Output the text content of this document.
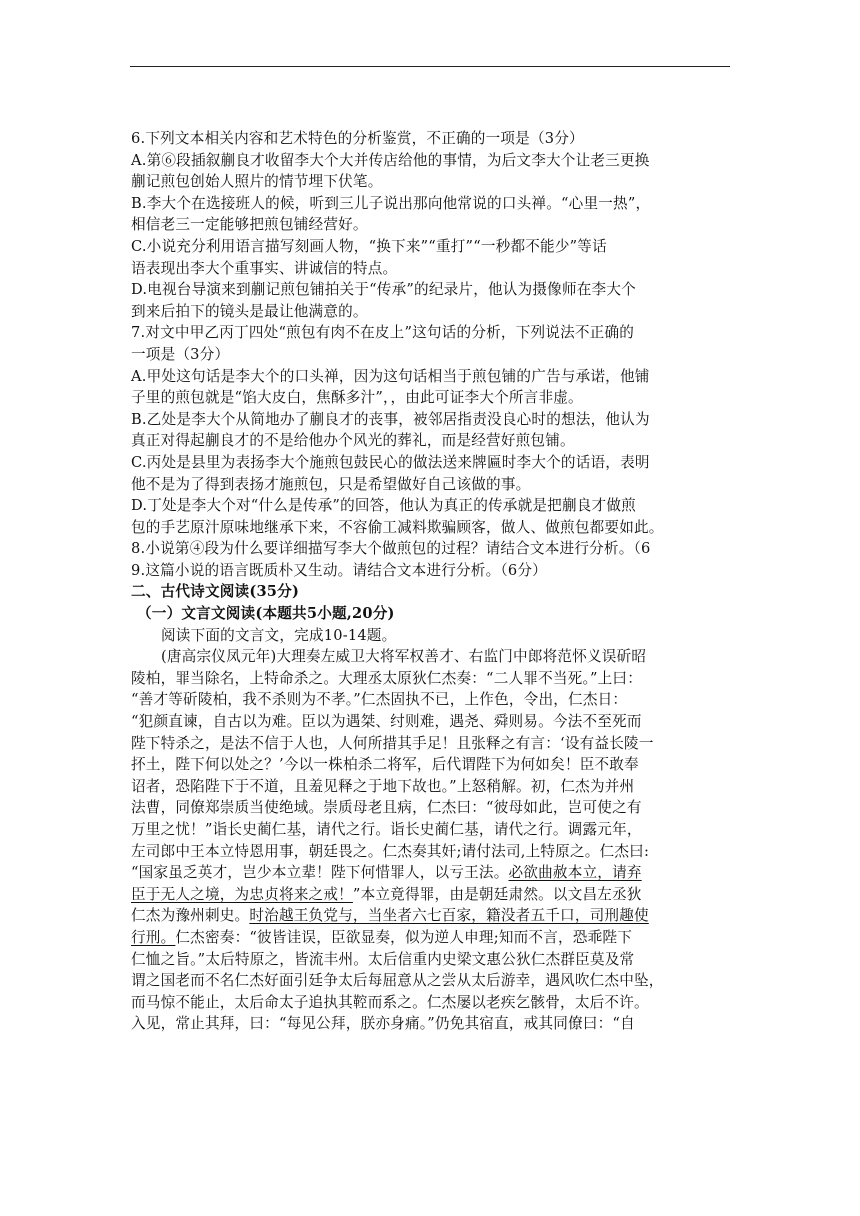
6.下列文本相关内容和艺术特色的分析鉴赏，不正确的一项是（3分）
A.第⑥段插叙蒯良才收留李大个大并传店给他的事情，为后文李大个让老三更换
蒯记煎包创始人照片的情节埋下伏笔。
B.李大个在选接班人的候，听到三儿子说出那向他常说的口头禅。“心里一热”，
相信老三一定能够把煎包铺经营好。
C.小说充分利用语言描写刻画人物，“换下来”“重打”“一秒都不能少”等话
语表现出李大个重事实、讲诚信的特点。
D.电视台导演来到蒯记煎包铺拍关于“传承”的纪录片，他认为摄像师在李大个
到来后拍下的镜头是最让他满意的。
7.对文中甲乙丙丁四处“煎包有肉不在皮上”这句话的分析，下列说法不正确的
一项是（3分）
A.甲处这句话是李大个的口头禅，因为这句话相当于煎包铺的广告与承诺，他铺
子里的煎包就是“馅大皮白，焦酥多汁”，，由此可证李大个所言非虚。
B.乙处是李大个从简地办了蒯良才的丧事，被邻居指责没良心时的想法，他认为
真正对得起蒯良才的不是给他办个风光的葬礼，而是经营好煎包铺。
C.丙处是县里为表扬李大个施煎包鼓民心的做法送来牌匾时李大个的话语，表明
他不是为了得到表扬才施煎包，只是希望做好自己该做的事。
D.丁处是李大个对“什么是传承”的回答，他认为真正的传承就是把蒯良才做煎
包的手艺原汁原味地继承下来，不容偷工减料欺骗顾客，做人、做煎包都要如此。
8.小说第④段为什么要详细描写李大个做煎包的过程？请结合文本进行分析。（6
9.这篇小说的语言既质朴又生动。请结合文本进行分析。（6分）
二、古代诗文阅读(35分)
（一）文言文阅读(本题共5小题,20分)
阅读下面的文言文，完成10-14题。
(唐高宗仪凤元年)大理奏左威卫大将军权善才、右监门中郎将范怀义误斫昭
陵柏，罪当除名，上特命杀之。大理丞太原狄仁杰奏：“二人罪不当死。”上曰：
“善才等斫陵柏，我不杀则为不孝。”仁杰固执不已，上作色，令出，仁杰日：
“犯颜直谏，自古以为难。臣以为遇桀、纣则难，遇尧、舜则易。今法不至死而
陛下特杀之，是法不信于人也，人何所措其手足！且张释之有言：‘设有益长陵一
抔土，陛下何以处之？’今以一株柏杀二将军，后代谓陛下为何如矣！臣不敢奉
诏者，恐陷陛下于不道，且羞见释之于地下故也。”上怒稍解。初，仁杰为并州
法曹，同僚郑崇质当使绝域。崇质母老且病，仁杰曰：“彼母如此，岂可使之有
万里之忧！”诣长史蔺仁基，请代之行。诣长史蔺仁基，请代之行。调露元年，
左司郎中王本立恃恩用事，朝廷畏之。仁杰奏其奸;请付法司,上特原之。仁杰曰:
“国家虽乏英才，岂少本立辈！陛下何惜罪人，以亏王法。必欲曲赦本立，请弃
臣于无人之境，为忠贞将来之戒！”本立竟得罪，由是朝廷肃然。以文昌左丞狄
仁杰为豫州刺史。时治越王负党与，当坐者六七百家，籍没者五千口，司刑趣使
行刑。仁杰密奏：“彼皆诖误，臣欲显奏，似为逆人申理;知而不言，恐乖陛下
仁恤之旨。”太后特原之，皆流丰州。太后信重内史梁文惠公狄仁杰群臣莫及常
谓之国老而不名仁杰好面引廷争太后每屈意从之尝从太后游幸，遇风吹仁杰中坠，
而马惊不能止，太后命太子追执其鞚而系之。仁杰屡以老疾乞骸骨，太后不许。
入见，常止其拜，曰：“每见公拜，朕亦身痛。”仍免其宿直，戒其同僚曰：“自
